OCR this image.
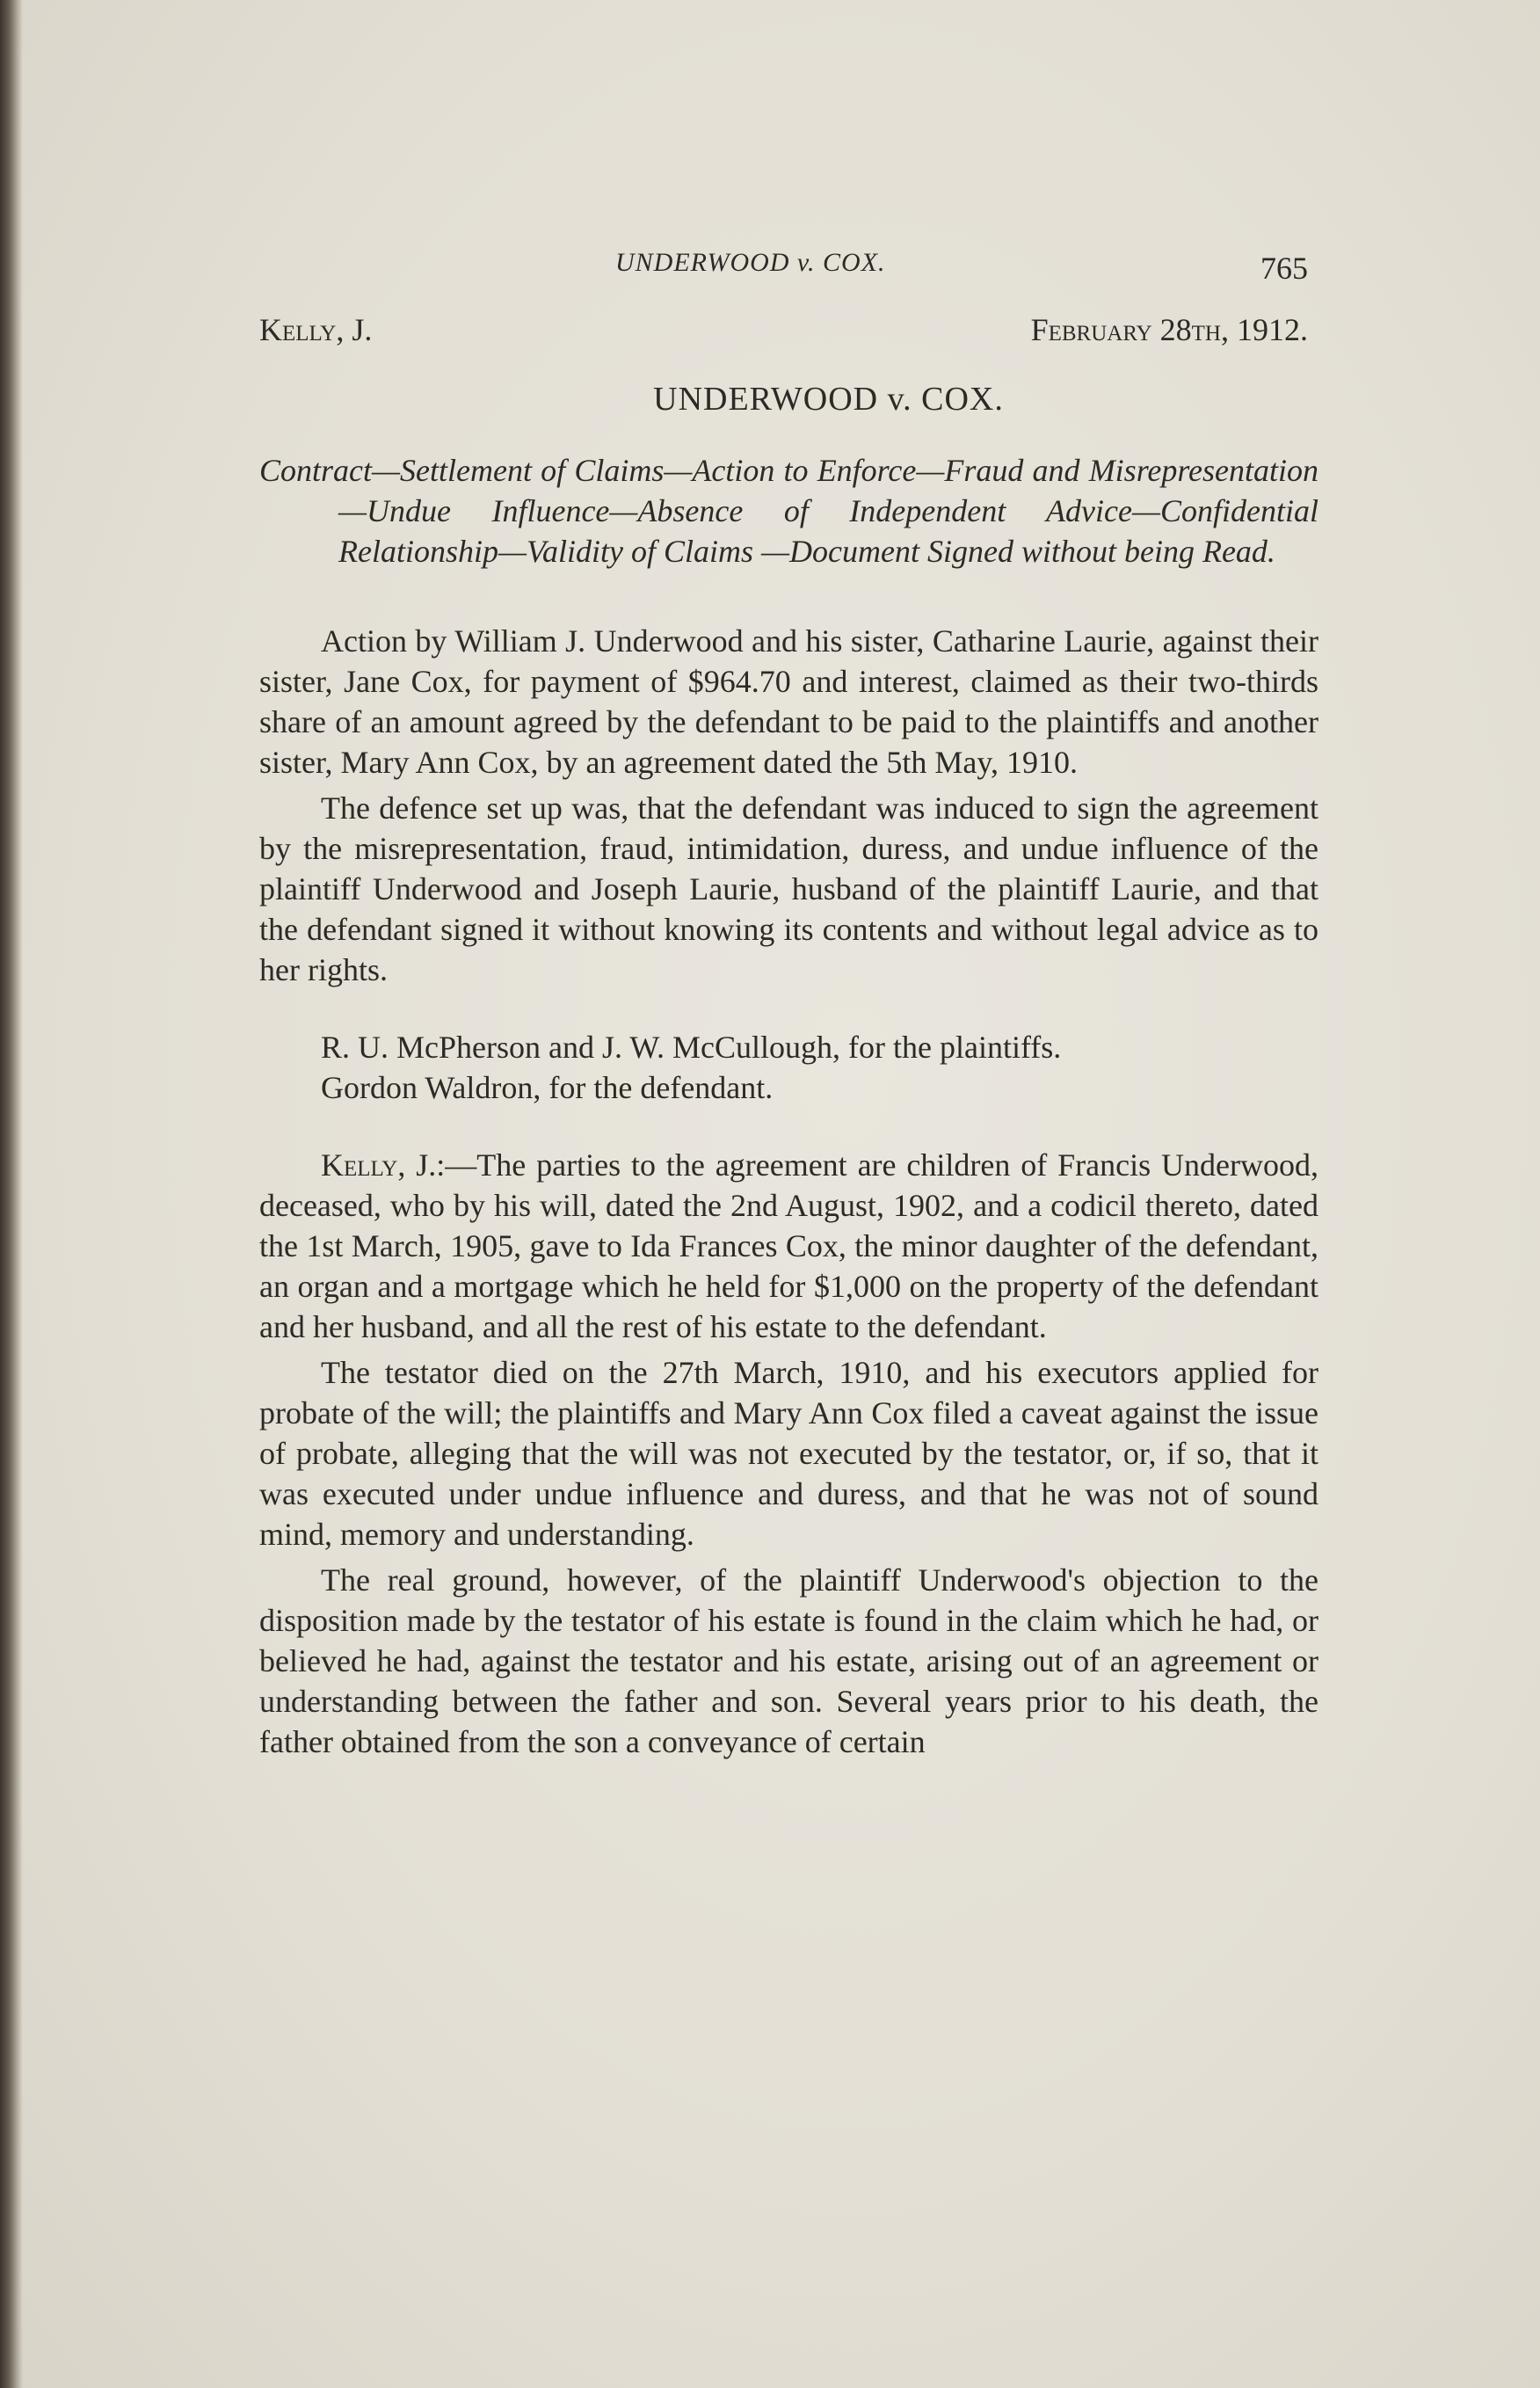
UNDERWOOD v. COX.	765
Kelly, J.	February 28th, 1912.
UNDERWOOD v. COX.

Contract—Settlement of Claims—Action to Enforce—Fraud and Misrepresentation—Undue Influence—Absence of Independent Advice—Confidential Relationship—Validity of Claims —Document Signed without being Read.

Action by William J. Underwood and his sister, Catharine Laurie, against their sister, Jane Cox, for payment of $964.70 and interest, claimed as their two-thirds share of an amount agreed by the defendant to be paid to the plaintiffs and another sister, Mary Ann Cox, by an agreement dated the 5th May, 1910.

The defence set up was, that the defendant was induced to sign the agreement by the misrepresentation, fraud, intimidation, duress, and undue influence of the plaintiff Underwood and Joseph Laurie, husband of the plaintiff Laurie, and that the defendant signed it without knowing its contents and without legal advice as to her rights.

R. U. McPherson and J. W. McCullough, for the plaintiffs.

Gordon Waldron, for the defendant.

Kelly, J.:—The parties to the agreement are children of Francis Underwood, deceased, who by his will, dated the 2nd August, 1902, and a codicil thereto, dated the 1st March, 1905, gave to Ida Frances Cox, the minor daughter of the defendant, an organ and a mortgage which he held for $1,000 on the property of the defendant and her husband, and all the rest of his estate to the defendant.

The testator died on the 27th March, 1910, and his executors applied for probate of the will; the plaintiffs and Mary Ann Cox filed a caveat against the issue of probate, alleging that the will was not executed by the testator, or, if so, that it was executed under undue influence and duress, and that he was not of sound mind, memory and understanding.

The real ground, however, of the plaintiff Underwood's objection to the disposition made by the testator of his estate is found in the claim which he had, or believed he had, against the testator and his estate, arising out of an agreement or understanding between the father and son. Several years prior to his death, the father obtained from the son a conveyance of certain
